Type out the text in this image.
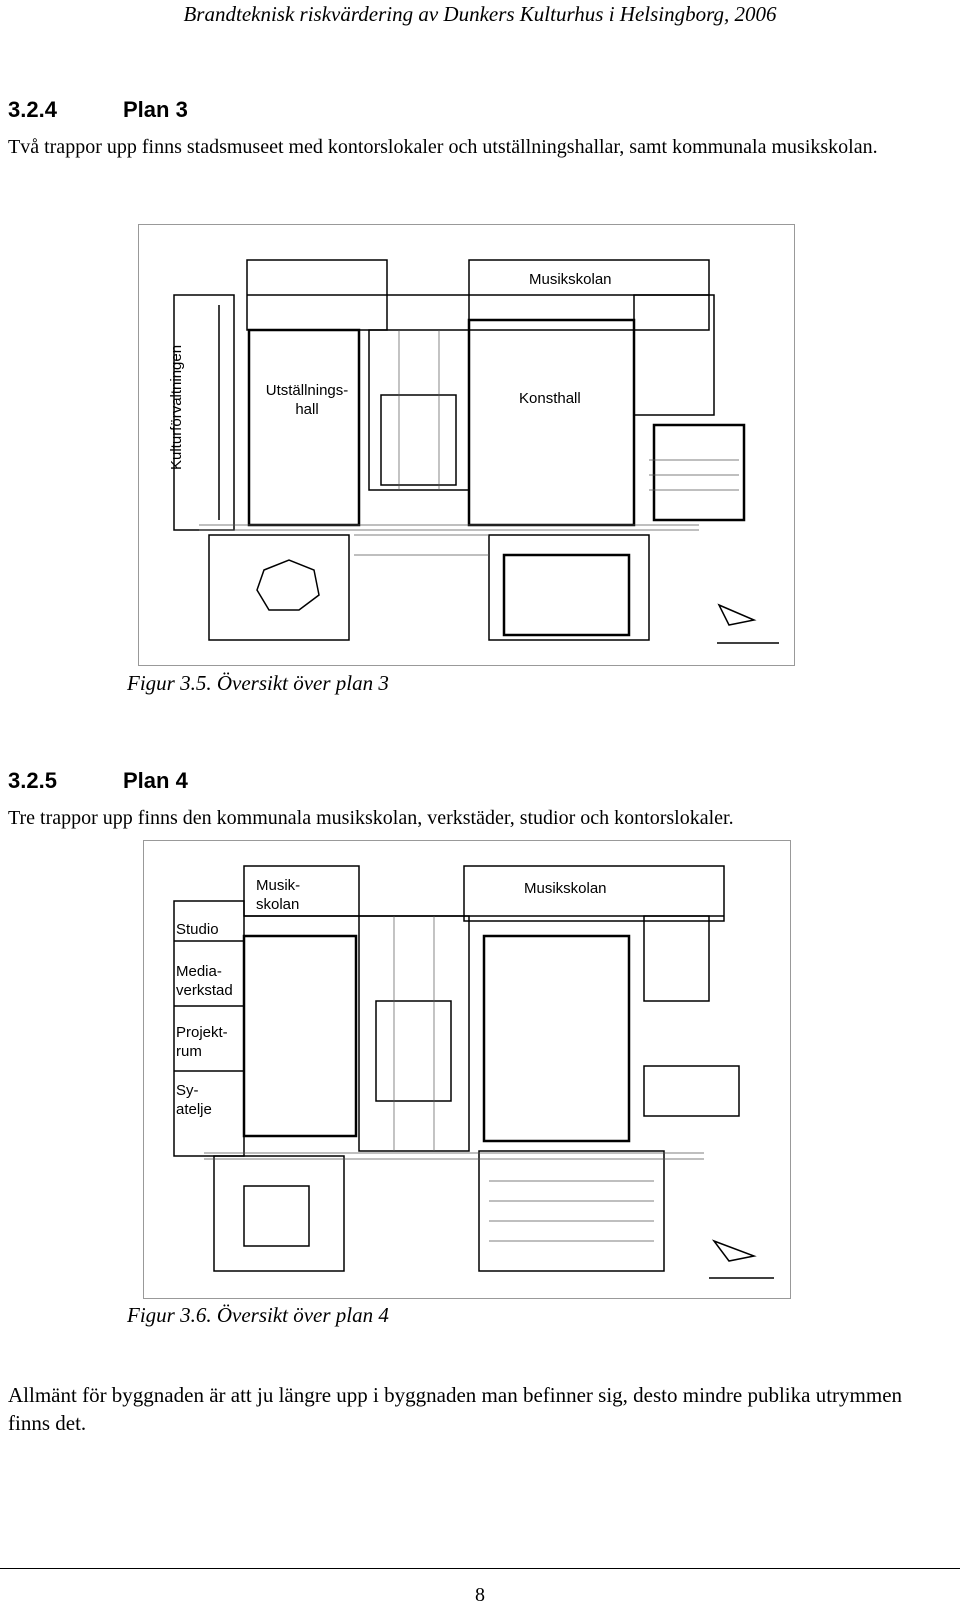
Brandteknisk riskvärdering av Dunkers Kulturhus i Helsingborg, 2006
3.2.4	Plan 3
Två trappor upp finns stadsmuseet med kontorslokaler och utställningshallar, samt kommunala musikskolan.
Musikskolan
Kulturförvaltningen	Utställnings-
hall
Konsthall
Figur 3.5. Översikt över plan 3
3.2.5	Plan 4
Tre trappor upp finns den kommunala musikskolan, verkstäder, studior och kontorslokaler.
Musik-
skolan
Musikskolan
Studio
Media-
verkstad
Projekt-
rum
Sy-
atelje
Figur 3.6. Översikt över plan 4
Allmänt för byggnaden är att ju längre upp i byggnaden man befinner sig, desto mindre publika utrymmen finns det.
8
